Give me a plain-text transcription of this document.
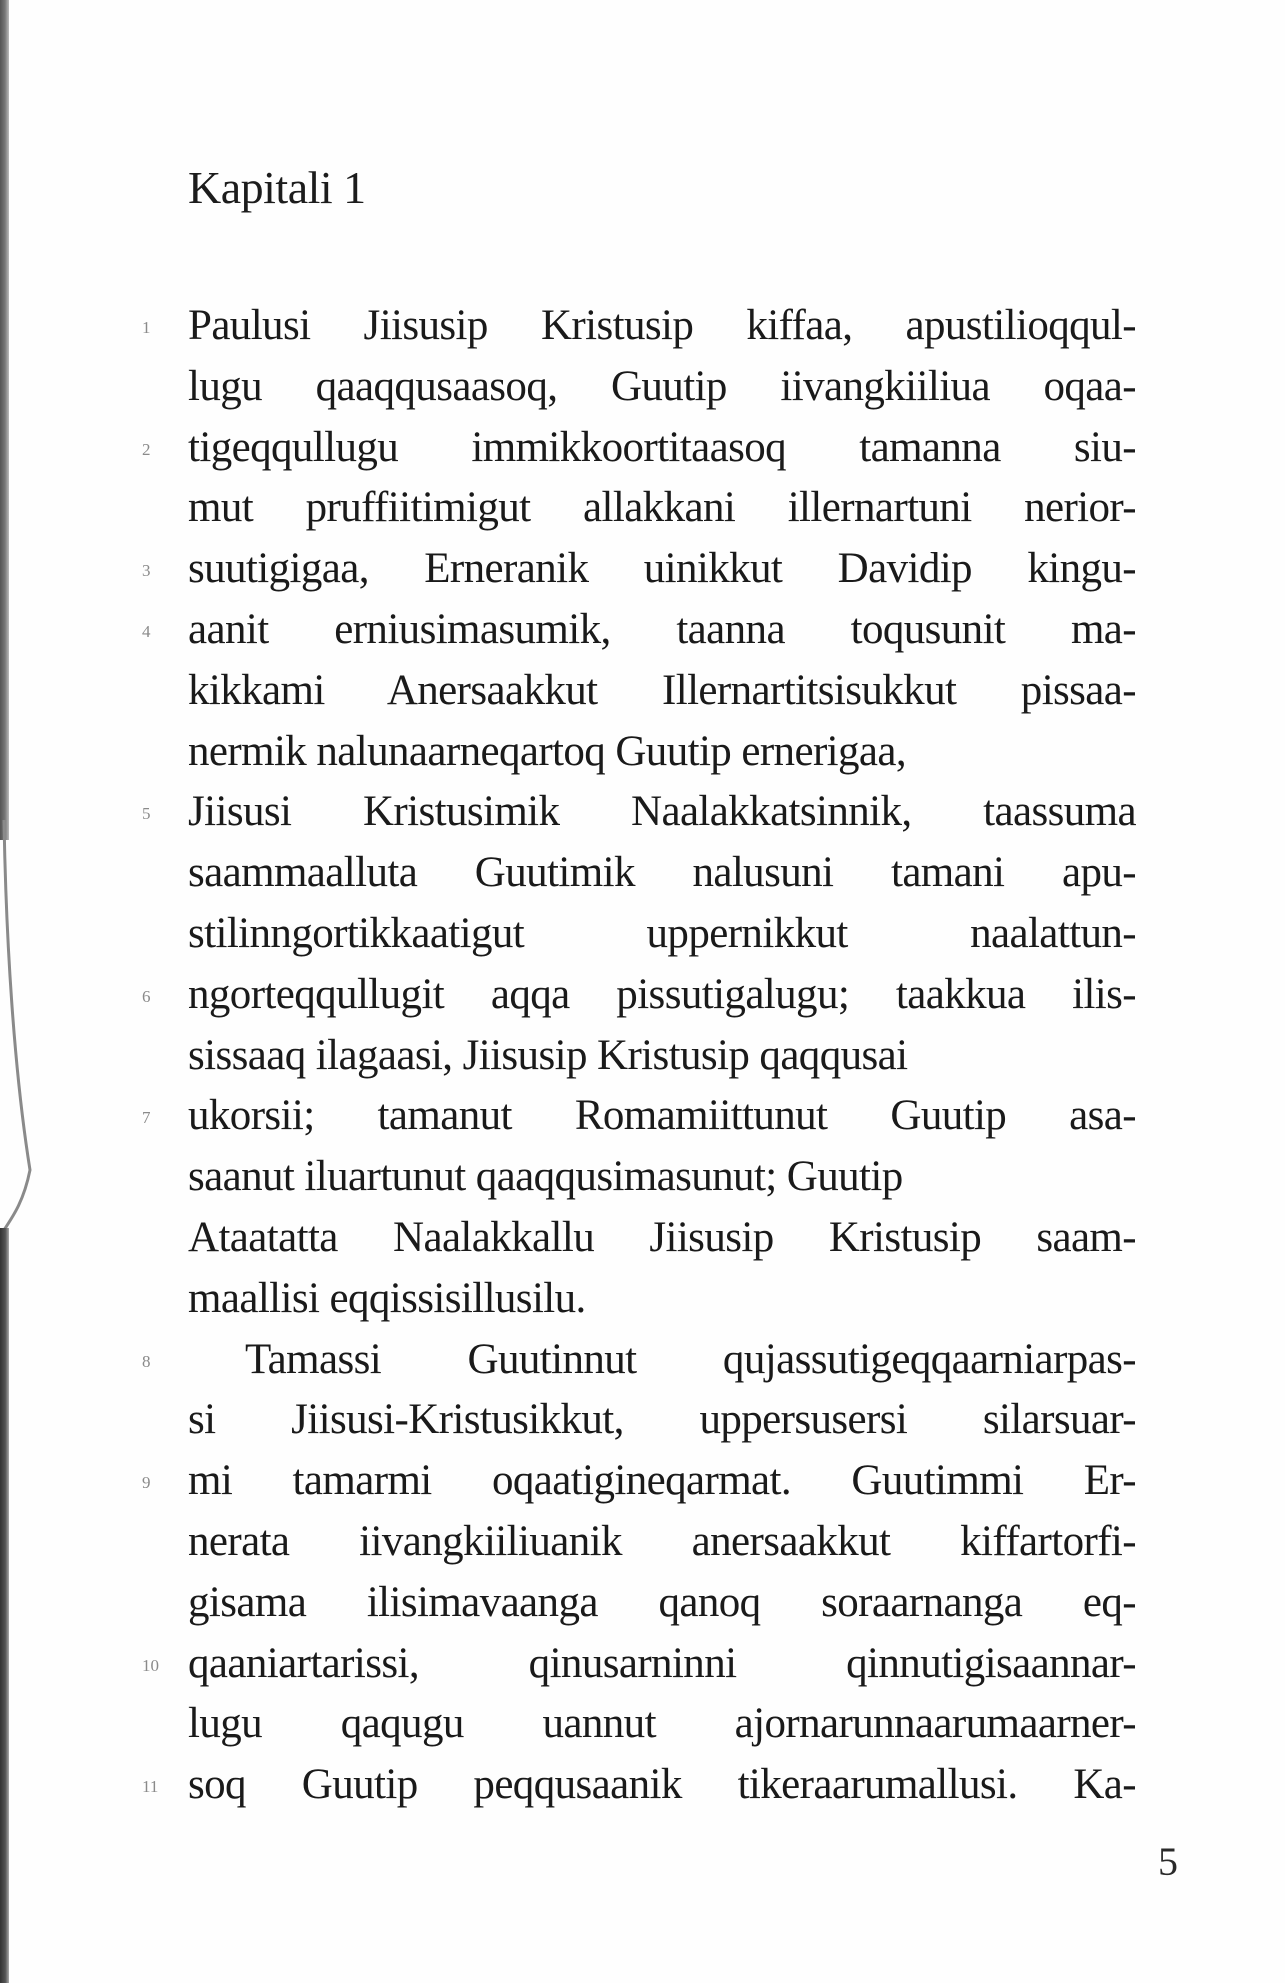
Kapitali 1
1 Paulusi Jiisusip Kristusip kiffaa, apustilioqqul-
lugu qaaqqusaasoq, Guutip iivangkiiliua oqaa-
2 tigeqqullugu immikkoortitaasoq tamanna siu-
mut pruffiitimigut allakkani illernartuni nerior-
3 suutigigaa, Erneranik uinikkut Davidip kingu-
4 aanit erniusimasumik, taanna toqusunit ma-
kikkami Anersaakkut Illernartitsisukkut pissaa-
nermik nalunaarneqartoq Guutip ernerigaa,
5 Jiisusi Kristusimik Naalakkatsinnik, taassuma
saammaalluta Guutimik nalusuni tamani apu-
stilinngortikkaatigut uppernikkut naalattun-
6 ngorteqqullugit aqqa pissutigalugu; taakkua ilis-
sissaaq ilagaasi, Jiisusip Kristusip qaqqusai
7 ukorsii; tamanut Romamiittunut Guutip asa-
saanut iluartunut qaaqqusimasunut; Guutip
Ataatatta Naalakkallu Jiisusip Kristusip saam-
maallisi eqqissisillusilu.
8	Tamassi Guutinnut qujassutigeqqaarniarpas-
si Jiisusi-Kristusikkut, uppersusersi silarsuar-
9 mi tamarmi oqaatigineqarmat. Guutimmi Er-
nerata iivangkiiliuanik anersaakkut kiffartorfi-
gisama ilisimavaanga qanoq soraarnanga eq-
10 qaaniartarissi, qinusarninni qinnutigisaannar-
lugu qaqugu uannut ajornarunnaarumaarner-
11 soq Guutip peqqusaanik tikeraarumallusi. Ka-
5
